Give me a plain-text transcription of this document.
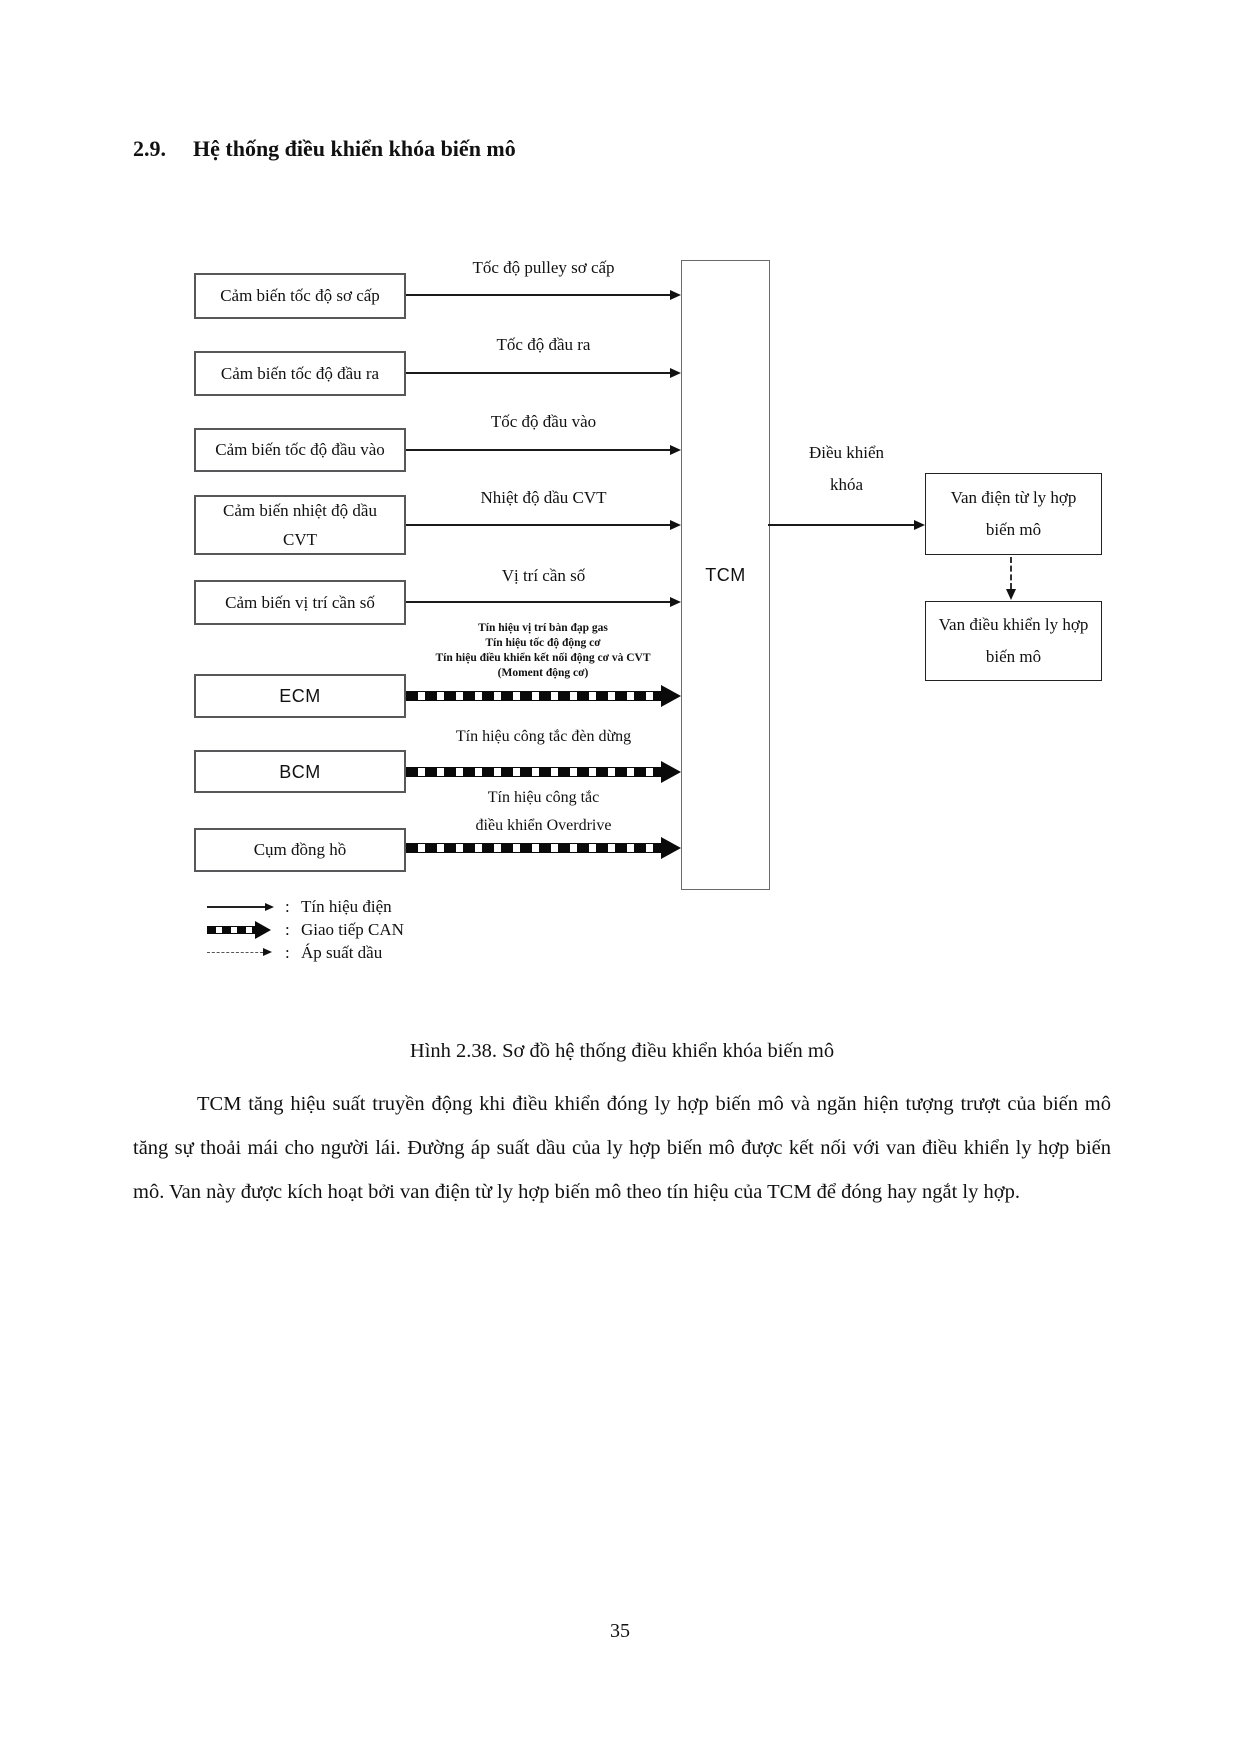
2.9. Hệ thống điều khiển khóa biến mô
Cảm biến tốc độ sơ cấp
Cảm biến tốc độ đầu ra
Cảm biến tốc độ đầu vào
Cảm biến nhiệt độ dầu CVT
Cảm biến vị trí cần số
ECM
BCM
Cụm đồng hồ
Tốc độ pulley sơ cấp
Tốc độ đầu ra
Tốc độ đầu vào
Nhiệt độ dầu CVT
Vị trí cần số
Tín hiệu vị trí bàn đạp gas
Tín hiệu tốc độ động cơ
Tín hiệu điều khiển kết nối động cơ và CVT
(Moment động cơ)
Tín hiệu công tắc đèn dừng
Tín hiệu công tắc
điều khiển Overdrive
TCM
Điều khiển
khóa
Van điện từ ly hợp
biến mô
Van điều khiển ly hợp
biến mô
: Tín hiệu điện
: Giao tiếp CAN
: Áp suất dầu
Hình 2.38. Sơ đồ hệ thống điều khiển khóa biến mô
TCM tăng hiệu suất truyền động khi điều khiển đóng ly hợp biến mô và ngăn hiện tượng trượt của biến mô tăng sự thoải mái cho người lái. Đường áp suất dầu của ly hợp biến mô được kết nối với van điều khiển ly hợp biến mô. Van này được kích hoạt bởi van điện từ ly hợp biến mô theo tín hiệu của TCM để đóng hay ngắt ly hợp.
35
